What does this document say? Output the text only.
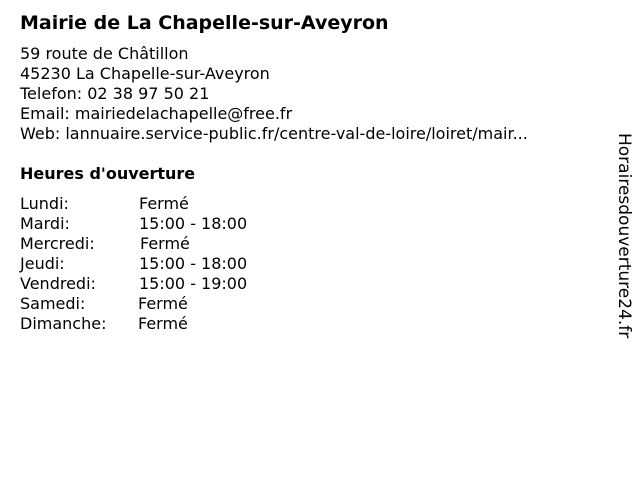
Mairie de La Chapelle-sur-Aveyron
59 route de Châtillon
45230 La Chapelle-sur-Aveyron
Telefon: 02 38 97 50 21
Email: mairiedelachapelle@free.fr
Web: lannuaire.service-public.fr/centre-val-de-loire/loiret/mair...
Heures d'ouverture
Lundi:	Fermé
Mardi:	15:00 - 18:00
Mercredi:	Fermé
Jeudi:	15:00 - 18:00
Vendredi:	15:00 - 19:00
Samedi:	Fermé
Dimanche: Fermé	Horairesdouverture24.fr
